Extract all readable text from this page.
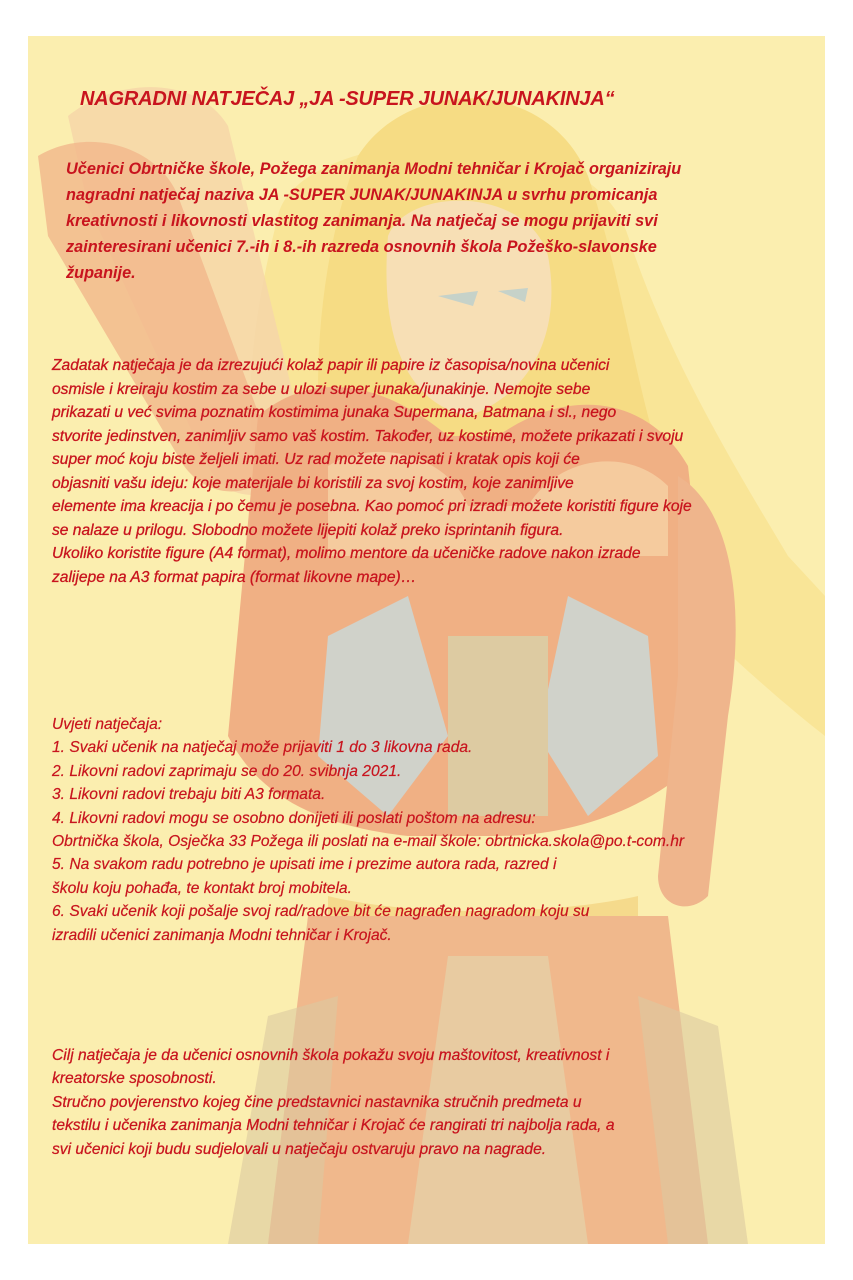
NAGRADNI NATJEČAJ „JA -SUPER JUNAK/JUNAKINJA“
Učenici Obrtničke škole, Požega zanimanja Modni tehničar i Krojač organiziraju
nagradni natječaj naziva JA -SUPER JUNAK/JUNAKINJA u svrhu promicanja
kreativnosti i likovnosti vlastitog zanimanja. Na natječaj se mogu prijaviti svi
zainteresirani učenici 7.-ih i 8.-ih razreda osnovnih škola Požeško-slavonske
županije.
Zadatak natječaja je da izrezujući kolaž papir ili papire iz časopisa/novina učenici
osmisle i kreiraju kostim za sebe u ulozi super junaka/junakinje. Nemojte sebe
prikazati u već svima poznatim kostimima junaka Supermana, Batmana i sl., nego
stvorite jedinstven, zanimljiv samo vaš kostim. Također, uz kostime, možete prikazati i svoju
super moć koju biste željeli imati. Uz rad možete napisati i kratak opis koji će
objasniti vašu ideju: koje materijale bi koristili za svoj kostim, koje zanimljive
elemente ima kreacija i po čemu je posebna. Kao pomoć pri izradi možete koristiti figure koje
se nalaze u prilogu. Slobodno možete lijepiti kolaž preko isprintanih figura.
Ukoliko koristite figure (A4 format), molimo mentore da učeničke radove nakon izrade
zalijepe na A3 format papira (format likovne mape)…
Uvjeti natječaja:
1. Svaki učenik na natječaj može prijaviti 1 do 3 likovna rada.
2. Likovni radovi zaprimaju se do 20. svibnja 2021.
3. Likovni radovi trebaju biti A3 formata.
4. Likovni radovi mogu se osobno donijeti ili poslati poštom na adresu:
Obrtnička škola, Osječka 33 Požega ili poslati na e-mail škole: obrtnicka.skola@po.t-com.hr
5. Na svakom radu potrebno je upisati ime i prezime autora rada, razred i
školu koju pohađa, te kontakt broj mobitela.
6. Svaki učenik koji pošalje svoj rad/radove bit će nagrađen nagradom koju su
izradili učenici zanimanja Modni tehničar i Krojač.
Cilj natječaja je da učenici osnovnih škola pokažu svoju maštovitost, kreativnost i
kreatorske sposobnosti.
Stručno povjerenstvo kojeg čine predstavnici nastavnika stručnih predmeta u
tekstilu i učenika zanimanja Modni tehničar i Krojač će rangirati tri najbolja rada, a
svi učenici koji budu sudjelovali u natječaju ostvaruju pravo na nagrade.
